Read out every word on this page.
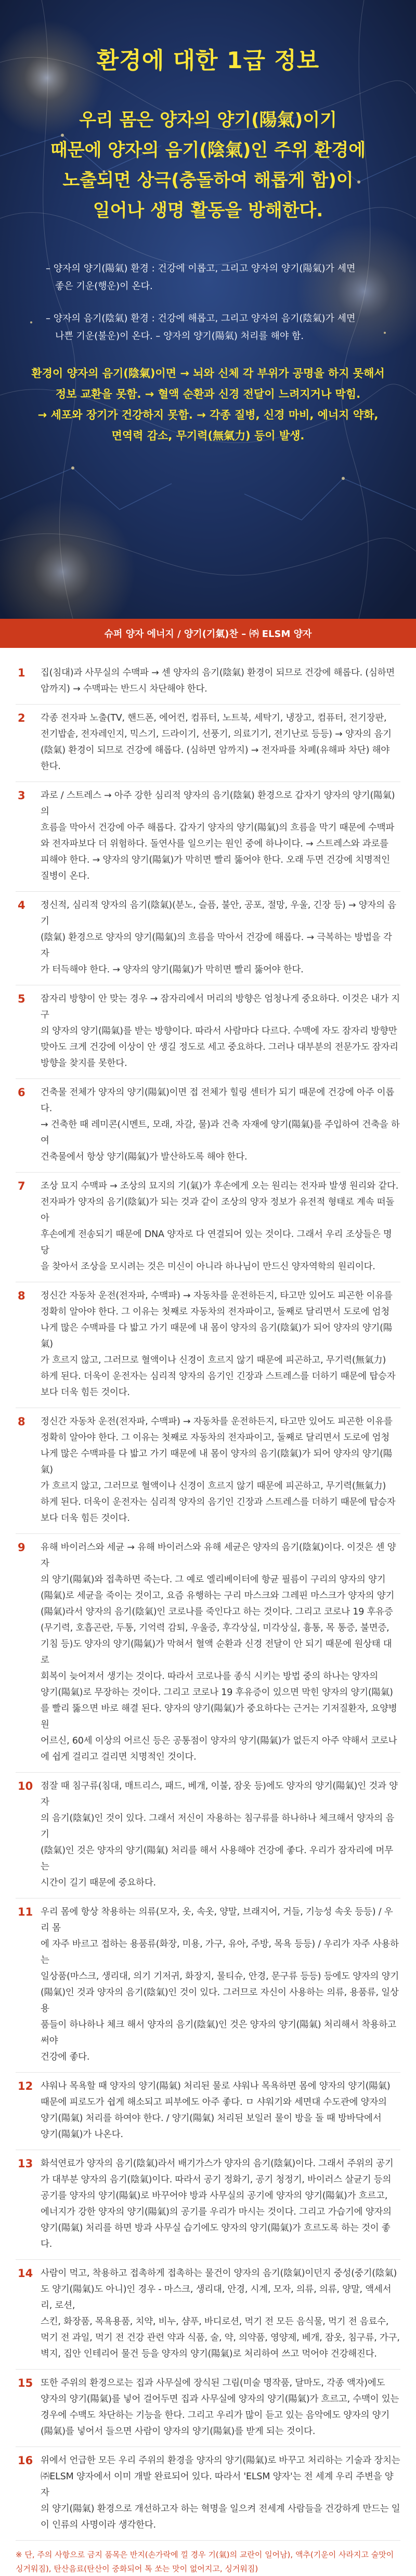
환경에 대한 1급 정보
우리 몸은 양자의 양기(陽氣)이기
때문에 양자의 음기(陰氣)인 주위 환경에
노출되면 상극(충돌하여 해롭게 함)이
일어나 생명 활동을 방해한다.
– 양자의 양기(陽氣) 환경 : 건강에 이롭고, 그리고 양자의 양기(陽氣)가 세면
좋은 기운(행운)이 온다.
– 양자의 음기(陰氣) 환경 : 건강에 해롭고, 그리고 양자의 음기(陰氣)가 세면
나쁜 기운(불운)이 온다. – 양자의 양기(陽氣) 처리를 해야 함.
환경이 양자의 음기(陰氣)이면 → 뇌와 신체 각 부위가 공명을 하지 못해서
정보 교환을 못함. → 혈액 순환과 신경 전달이 느려지거나 막힘.
→ 세포와 장기가 건강하지 못함. → 각종 질병, 신경 마비, 에너지 약화,
면역력 감소, 무기력(無氣力) 등이 발생.
슈퍼 양자 에너지 / 양기(기氣)찬 – ㈜ ELSM 양자
1	집(침대)과 사무실의 수맥파 → 센 양자의 음기(陰氣) 환경이 되므로 건강에 해롭다. (심하면
암까지) → 수맥파는 반드시 차단해야 한다.
2	각종 전자파 노출(TV, 핸드폰, 에어컨, 컴퓨터, 노트북, 세탁기, 냉장고, 컴퓨터, 전기장판,
전기밥솥, 전자레인지, 믹스기, 드라이기, 선풍기, 의료기기, 전기난로 등등) → 양자의 음기
(陰氣) 환경이 되므로 건강에 해롭다. (심하면 암까지) → 전자파를 차폐(유해파 차단) 해야
한다.
3	과로 / 스트레스 → 아주 강한 심리적 양자의 음기(陰氣) 환경으로 갑자기 양자의 양기(陽氣)의
흐름을 막아서 건강에 아주 해롭다. 갑자기 양자의 양기(陽氣)의 흐름을 막기 때문에 수맥파
와 전자파보다 더 위험하다. 돌연사를 일으키는 원인 중에 하나이다. → 스트레스와 과로를
피해야 한다. → 양자의 양기(陽氣)가 막히면 빨리 뚫어야 한다. 오래 두면 건강에 치명적인
질병이 온다.
4	정신적, 심리적 양자의 음기(陰氣)(분노, 슬픔, 불안, 공포, 절망, 우울, 긴장 등) → 양자의 음기
(陰氣) 환경으로 양자의 양기(陽氣)의 흐름을 막아서 건강에 해롭다. → 극복하는 방법을 각자
가 터득해야 한다. → 양자의 양기(陽氣)가 막히면 빨리 뚫어야 한다.
5	잠자리 방향이 안 맞는 경우 → 잠자리에서 머리의 방향은 엄청나게 중요하다. 이것은 내가 지구
의 양자의 양기(陽氣)를 받는 방향이다. 따라서 사람마다 다르다. 수맥에 자도 잠자리 방향만
맞아도 크게 건강에 이상이 안 생길 정도로 세고 중요하다. 그러나 대부분의 전문가도 잠자리
방향을 찾지를 못한다.
6	건축물 전체가 양자의 양기(陽氣)이면 접 전체가 힐링 센터가 되기 때문에 건강에 아주 이롭다.
→ 건축한 때 레미콘(시멘트, 모래, 자갈, 물)과 건축 자재에 양기(陽氣)를 주입하여 건축을 하여
건축물에서 항상 양기(陽氣)가 발산하도록 해야 한다.
7	조상 묘지 수맥파 → 조상의 묘지의 기(氣)가 후손에게 오는 원리는 전자파 발생 원리와 같다.
전자파가 양자의 음기(陰氣)가 되는 것과 같이 조상의 양자 정보가 유전적 형태로 계속 떠돌아
후손에게 전송되기 때문에 DNA 양자로 다 연결되어 있는 것이다. 그래서 우리 조상들은 명당
을 찾아서 조상을 모시려는 것은 미신이 아니라 하나님이 만드신 양자역학의 원리이다.
8	정신간 자동차 운전(전자파, 수맥파) → 자동차를 운전하든지, 타고만 있어도 피곤한 이유를
정확히 알아야 한다. 그 이유는 첫째로 자동차의 전자파이고, 둘째로 달리면서 도로에 엄청
나게 많은 수맥파를 다 밟고 가기 때문에 내 몸이 양자의 음기(陰氣)가 되어 양자의 양기(陽氣)
가 흐르지 않고, 그러므로 혈액이나 신경이 흐르지 않기 때문에 피곤하고, 무기력(無氣力)
하게 된다. 더욱이 운전자는 심리적 양자의 음기인 긴장과 스트레스를 더하기 때문에 탑승자
보다 더욱 힘든 것이다.
8	정신간 자동차 운전(전자파, 수맥파) → 자동차를 운전하든지, 타고만 있어도 피곤한 이유를
정확히 알아야 한다. 그 이유는 첫째로 자동차의 전자파이고, 둘째로 달리면서 도로에 엄청
나게 많은 수맥파를 다 밟고 가기 때문에 내 몸이 양자의 음기(陰氣)가 되어 양자의 양기(陽氣)
가 흐르지 않고, 그러므로 혈액이나 신경이 흐르지 않기 때문에 피곤하고, 무기력(無氣力)
하게 된다. 더욱이 운전자는 심리적 양자의 음기인 긴장과 스트레스를 더하기 때문에 탑승자
보다 더욱 힘든 것이다.
9	유해 바이러스와 세균 → 유해 바이러스와 유해 세균은 양자의 음기(陰氣)이다. 이것은 센 양자
의 양기(陽氣)와 접촉하면 죽는다. 그 예로 엘리베이터에 항균 필름이 구리의 양자의 양기
(陽氣)로 세균을 죽이는 것이고, 요즘 유행하는 구리 마스크와 그레핀 마스크가 양자의 양기
(陽氣)라서 양자의 음기(陰氣)인 코로나를 죽인다고 하는 것이다. 그리고 코로나 19 후유증
(무기력, 호흡곤란, 두통, 기억력 감퇴, 우울증, 후각상실, 미각상실, 흉통, 목 통증, 불면증,
기침 등)도 양자의 양기(陽氣)가 막혀서 혈액 순환과 신경 전달이 안 되기 때문에 원상태 대로
회복이 늦어져서 생기는 것이다. 따라서 코로나를 종식 시키는 방법 중의 하나는 양자의
양기(陽氣)로 무장하는 것이다. 그리고 코로나 19 후유증이 있으면 막힌 양자의 양기(陽氣)
를 빨리 뚫으면 바로 해결 된다. 양자의 양기(陽氣)가 중요하다는 근거는 기저질환자, 요양병원
어르신, 60세 이상의 어르신 등은 공통점이 양자의 양기(陽氣)가 없든지 아주 약해서 코로나
에 쉽게 걸리고 걸리면 치명적인 것이다.
10 점잘 때 침구류(침대, 매트리스, 패드, 베개, 이불, 잠옷 등)에도 양자의 양기(陽氣)인 것과 양자
의 음기(陰氣)인 것이 있다. 그래서 저신이 자용하는 침구류를 하나하나 체크해서 양자의 음기
(陰氣)인 것은 양자의 양기(陽氣) 처리를 해서 사용해야 건강에 좋다. 우리가 잠자리에 머무는
시간이 길기 때문에 중요하다.
11 우리 몸에 항상 착용하는 의류(모자, 옷, 속옷, 양말, 브래지어, 거들, 기능성 속옷 등등) / 우리 몸
에 자주 바르고 접하는 용품류(화장, 미용, 가구, 유아, 주방, 목욕 등등) / 우리가 자주 사용하는
일상품(마스크, 생리대, 의기 기저귀, 화장지, 물티슈, 안경, 문구류 등등) 등에도 양자의 양기
(陽氣)인 것과 양자의 음기(陰氣)인 것이 있다. 그러므로 자신이 사용하는 의류, 용품류, 일상용
품들이 하나하나 체크 해서 양자의 음기(陰氣)인 것은 양자의 양기(陽氣) 처리해서 착용하고 써야
건강에 좋다.
12 샤워나 목욕할 때 양자의 양기(陽氣) 처리된 물로 샤워나 목욕하면 몸에 양자의 양기(陽氣)
때문에 피로도가 쉽게 해소되고 피부에도 아주 좋다. ㅁ 샤워기와 세면대 수도관에 양자의
양기(陽氣) 처리를 하여야 한다. / 양기(陽氣) 처리된 보일러 물이 방을 돌 때 방바닥에서
양기(陽氣)가 나온다.
13 화석연료가 양자의 음기(陰氣)라서 배기가스가 양자의 음기(陰氣)이다. 그래서 주위의 공기
가 대부분 양자의 음기(陰氣)이다. 따라서 공기 정화기, 공기 청정기, 바이러스 살균기 등의
공기를 양자의 양기(陽氣)로 바꾸어야 방과 사무실의 공기에 양자의 양기(陽氣)가 흐르고,
에너지가 강한 양자의 양기(陽氣)의 공기를 우리가 마시는 것이다. 그리고 가습기에 양자의
양기(陽氣) 처리를 하면 방과 사무실 습기에도 양자의 양기(陽氣)가 흐르도록 하는 것이 좋다.
14 사람이 먹고, 착용하고 접촉하게 접촉하는 물건이 양자의 음기(陰氣)이던지 중성(중기(陰氣)
도 양기(陽氣)도 아니)인 경우 - 마스크, 생리대, 안경, 시계, 모자, 의류, 의류, 양말, 액세서리, 로션,
스킨, 화장품, 목욕용품, 치약, 비누, 샴푸, 바디로션, 먹기 전 모든 음식물, 먹기 전 음료수,
먹기 전 과일, 먹기 전 건강 관련 약과 식품, 술, 약, 의약품, 영양제, 베개, 잠옷, 침구류, 가구,
벽지, 집안 인테리어 물건 등을 양자의 양기(陽氣)로 처리하여 쓰고 먹어야 건강해진다.
15 또한 주위의 환경으로는 집과 사무실에 장식된 그림(미술 명작품, 달마도, 각종 액자)에도
양자의 양기(陽氣)를 넣어 걸어두면 집과 사무실에 양자의 양기(陽氣)가 흐르고, 수맥이 있는
경우에 수맥도 차단하는 기능을 한다. 그리고 우리가 많이 듣고 있는 음악에도 양자의 양기
(陽氣)를 넣어서 들으면 사람이 양자의 양기(陽氣)를 받게 되는 것이다.
16 위에서 언급한 모든 우리 주위의 환경을 양자의 양기(陽氣)로 바꾸고 처리하는 기술과 장치는
㈜ELSM 양자에서 이미 개발 완료되어 있다. 따라서 'ELSM 양자'는 전 세계 우리 주변을 양자
의 양기(陽氣) 환경으로 개선하고자 하는 혁명을 일으켜 전세계 사람들을 건강하게 만드는 일
이 인류의 사명이라 생각한다.
※ 단, 주의 사항으로 금지 품목은 반지(손가락에 낄 경우 기(氣)의 교란이 일어남), 액추(기운이 사라지고 술맛이
싱거워짐), 탄산음료(탄산이 중화되어 톡 쏘는 맛이 없어지고, 싱거워짐)
